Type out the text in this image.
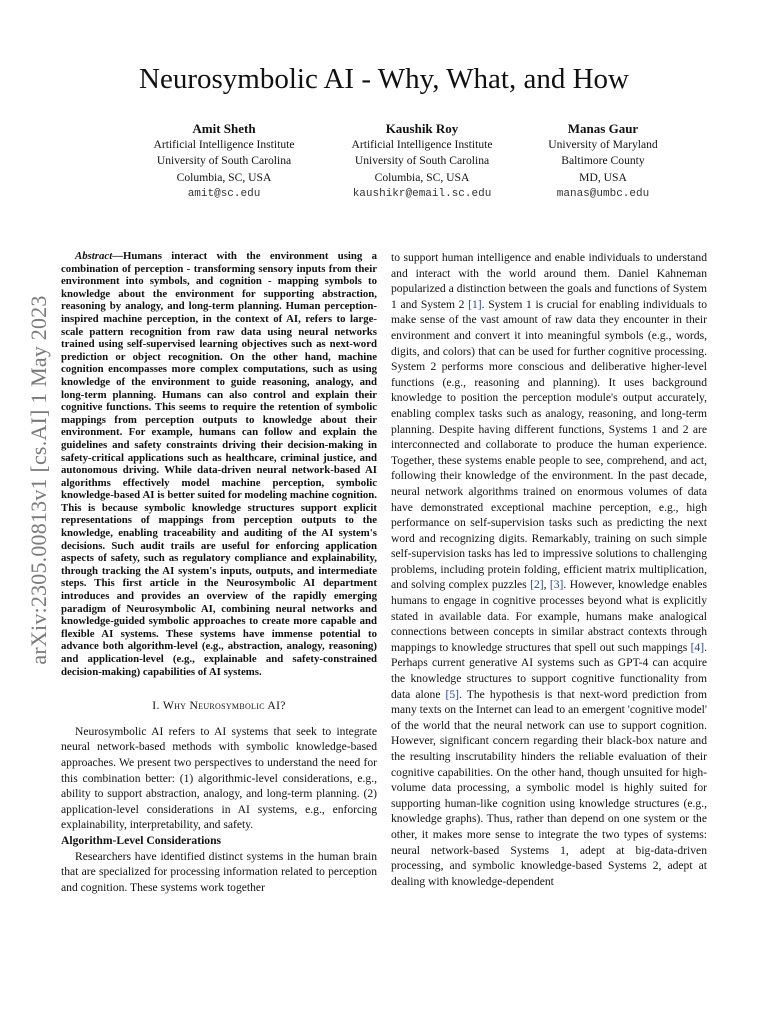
arXiv:2305.00813v1 [cs.AI] 1 May 2023
Neurosymbolic AI - Why, What, and How
Amit Sheth
Artificial Intelligence Institute
University of South Carolina
Columbia, SC, USA
amit@sc.edu
Kaushik Roy
Artificial Intelligence Institute
University of South Carolina
Columbia, SC, USA
kaushikr@email.sc.edu
Manas Gaur
University of Maryland
Baltimore County
MD, USA
manas@umbc.edu

Abstract—Humans interact with the environment using a combination of perception - transforming sensory inputs from their environment into symbols, and cognition - mapping symbols to knowledge about the environment for supporting abstraction, reasoning by analogy, and long-term planning. Human perception-inspired machine perception, in the context of AI, refers to large-scale pattern recognition from raw data using neural networks trained using self-supervised learning objectives such as next-word prediction or object recognition. On the other hand, machine cognition encompasses more complex computations, such as using knowledge of the environment to guide reasoning, analogy, and long-term planning. Humans can also control and explain their cognitive functions. This seems to require the retention of symbolic mappings from perception outputs to knowledge about their environment. For example, humans can follow and explain the guidelines and safety constraints driving their decision-making in safety-critical applications such as healthcare, criminal justice, and autonomous driving. While data-driven neural network-based AI algorithms effectively model machine perception, symbolic knowledge-based AI is better suited for modeling machine cognition. This is because symbolic knowledge structures support explicit representations of mappings from perception outputs to the knowledge, enabling traceability and auditing of the AI system's decisions. Such audit trails are useful for enforcing application aspects of safety, such as regulatory compliance and explainability, through tracking the AI system's inputs, outputs, and intermediate steps. This first article in the Neurosymbolic AI department introduces and provides an overview of the rapidly emerging paradigm of Neurosymbolic AI, combining neural networks and knowledge-guided symbolic approaches to create more capable and flexible AI systems. These systems have immense potential to advance both algorithm-level (e.g., abstraction, analogy, reasoning) and application-level (e.g., explainable and safety-constrained decision-making) capabilities of AI systems.

I. Why Neurosymbolic AI?

Neurosymbolic AI refers to AI systems that seek to integrate neural network-based methods with symbolic knowledge-based approaches. We present two perspectives to understand the need for this combination better: (1) algorithmic-level considerations, e.g., ability to support abstraction, analogy, and long-term planning. (2) application-level considerations in AI systems, e.g., enforcing explainability, interpretability, and safety.

Algorithm-Level Considerations

Researchers have identified distinct systems in the human brain that are specialized for processing information related to perception and cognition. These systems work together

to support human intelligence and enable individuals to understand and interact with the world around them. Daniel Kahneman popularized a distinction between the goals and functions of System 1 and System 2 [1]. System 1 is crucial for enabling individuals to make sense of the vast amount of raw data they encounter in their environment and convert it into meaningful symbols (e.g., words, digits, and colors) that can be used for further cognitive processing. System 2 performs more conscious and deliberative higher-level functions (e.g., reasoning and planning). It uses background knowledge to position the perception module's output accurately, enabling complex tasks such as analogy, reasoning, and long-term planning. Despite having different functions, Systems 1 and 2 are interconnected and collaborate to produce the human experience. Together, these systems enable people to see, comprehend, and act, following their knowledge of the environment. In the past decade, neural network algorithms trained on enormous volumes of data have demonstrated exceptional machine perception, e.g., high performance on self-supervision tasks such as predicting the next word and recognizing digits. Remarkably, training on such simple self-supervision tasks has led to impressive solutions to challenging problems, including protein folding, efficient matrix multiplication, and solving complex puzzles [2], [3]. However, knowledge enables humans to engage in cognitive processes beyond what is explicitly stated in available data. For example, humans make analogical connections between concepts in similar abstract contexts through mappings to knowledge structures that spell out such mappings [4]. Perhaps current generative AI systems such as GPT-4 can acquire the knowledge structures to support cognitive functionality from data alone [5]. The hypothesis is that next-word prediction from many texts on the Internet can lead to an emergent 'cognitive model' of the world that the neural network can use to support cognition. However, significant concern regarding their black-box nature and the resulting inscrutability hinders the reliable evaluation of their cognitive capabilities. On the other hand, though unsuited for high-volume data processing, a symbolic model is highly suited for supporting human-like cognition using knowledge structures (e.g., knowledge graphs). Thus, rather than depend on one system or the other, it makes more sense to integrate the two types of systems: neural network-based Systems 1, adept at big-data-driven processing, and symbolic knowledge-based Systems 2, adept at dealing with knowledge-dependent
